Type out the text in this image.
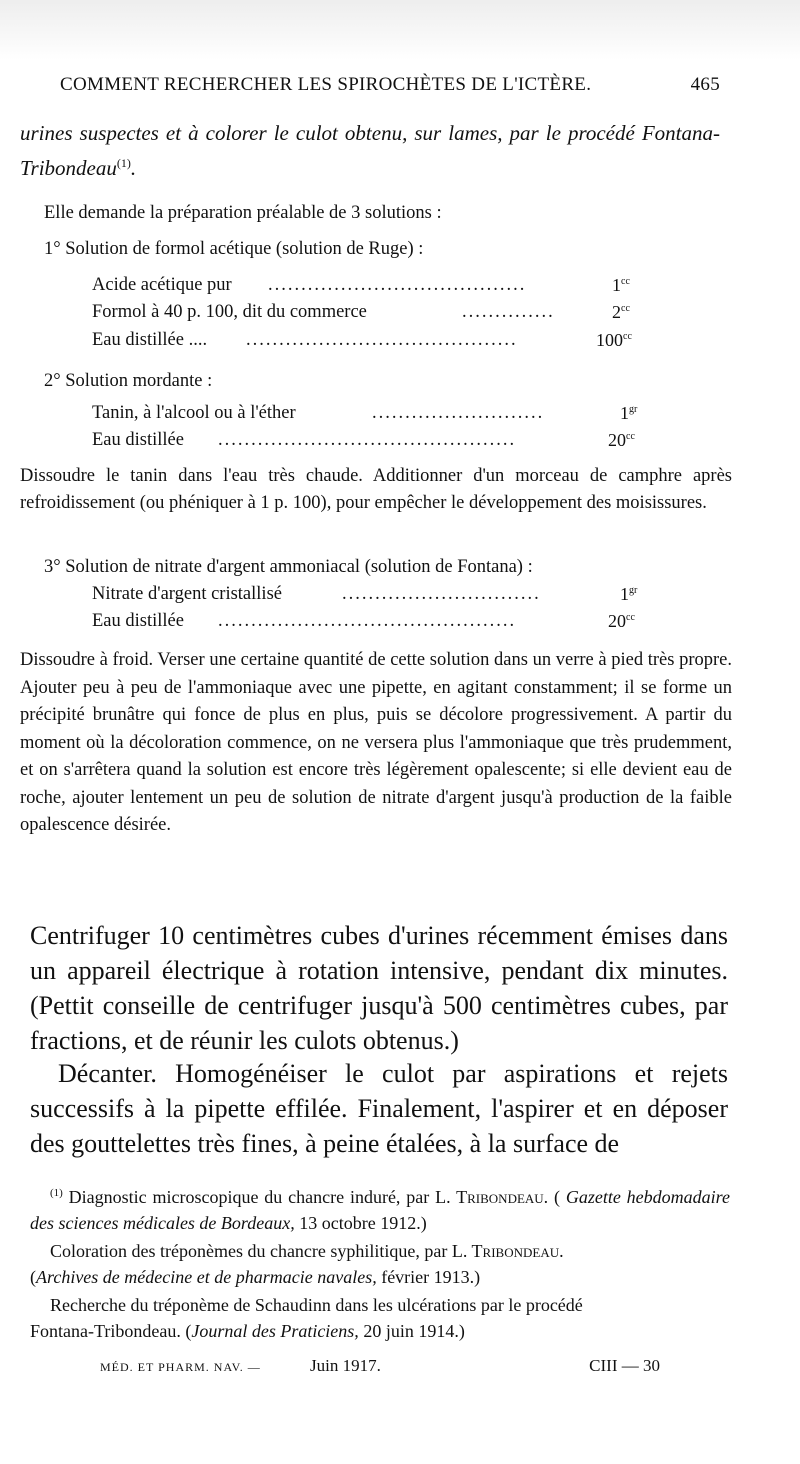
COMMENT RECHERCHER LES SPIROCHÈTES DE L'ICTÈRE.	465
urines suspectes et à colorer le culot obtenu, sur lames, par le procédé Fontana-Tribondeau$^{(1)}$.
Elle demande la préparation préalable de 3 solutions :
1° Solution de formol acétique (solution de Ruge) :
Acide acétique pur .......................................	$1^{cc}$
Formol à 40 p. 100, dit du commerce	..............	$2^{cc}$
Eau distillée .... .........................................	$100^{cc}$
2° Solution mordante :
Tanin, à l'alcool ou à l'éther	..........................	$1^{gr}$
Eau distillée .............................................	$20^{cc}$
Dissoudre le tanin dans l'eau très chaude. Additionner d'un morceau de camphre après refroidissement (ou phéniquer à 1 p. 100), pour empêcher le développement des moisissures.
3° Solution de nitrate d'argent ammoniacal (solution de Fontana) :
Nitrate d'argent cristallisé	..............................	$1^{gr}$
Eau distillée .............................................	$20^{cc}$
Dissoudre à froid. Verser une certaine quantité de cette solution dans un verre à pied très propre. Ajouter peu à peu de l'ammoniaque avec une pipette, en agitant constamment; il se forme un précipité brunâtre qui fonce de plus en plus, puis se décolore progressivement. A partir du moment où la décoloration commence, on ne versera plus l'ammoniaque que très prudemment, et on s'arrêtera quand la solution est encore très légèrement opalescente; si elle devient eau de roche, ajouter lentement un peu de solution de nitrate d'argent jusqu'à production de la faible opalescence désirée.
Centrifuger 10 centimètres cubes d'urines récemment émises dans un appareil électrique à rotation intensive, pendant dix minutes. (Pettit conseille de centrifuger jusqu'à 500 centimètres cubes, par fractions, et de réunir les culots obtenus.)
Décanter. Homogénéiser le culot par aspirations et rejets successifs à la pipette effilée. Finalement, l'aspirer et en déposer des gouttelettes très fines, à peine étalées, à la surface de
$^{(1)}$ Diagnostic microscopique du chancre induré, par L. Tribondeau. ( Gazette hebdomadaire des sciences médicales de Bordeaux, 13 octobre 1912.)
Coloration des tréponèmes du chancre syphilitique, par L. Tribondeau.
(Archives de médecine et de pharmacie navales, février 1913.)
Recherche du tréponème de Schaudinn dans les ulcérations par le procédé
Fontana-Tribondeau. (Journal des Praticiens, 20 juin 1914.)
MÉD. ET PHARM. NAV. —	Juin 1917.	CIII — 30
